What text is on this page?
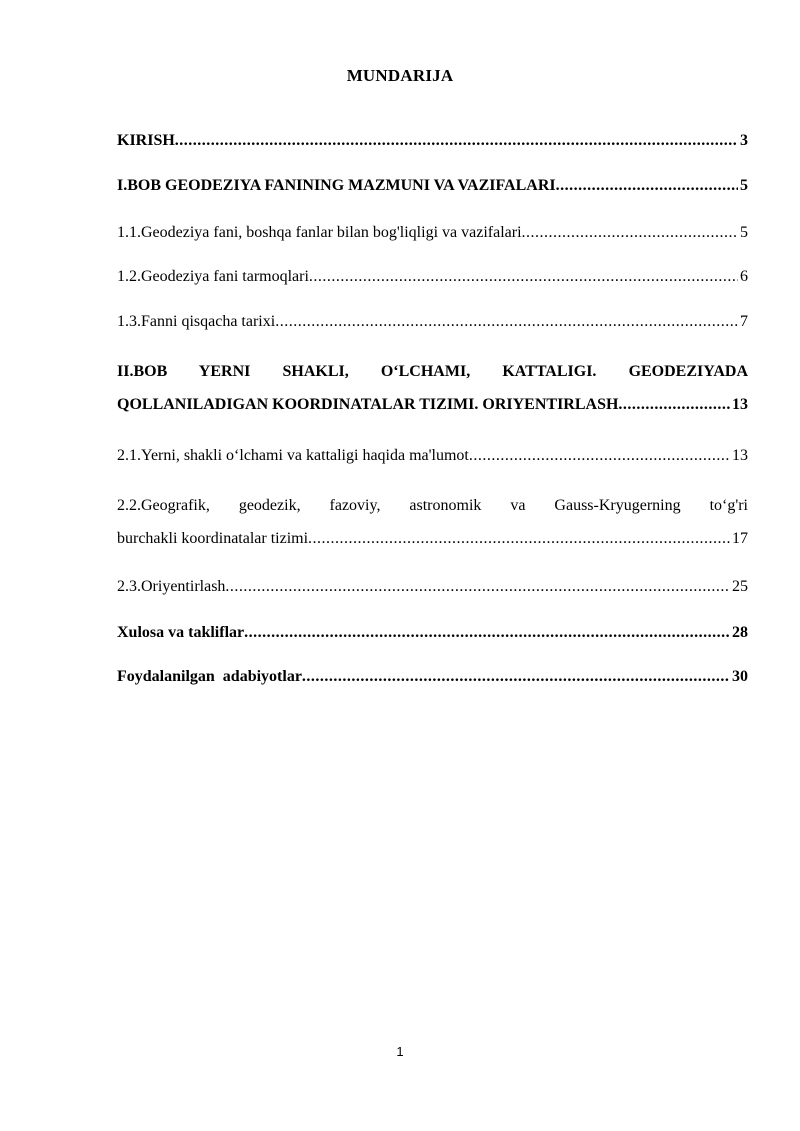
MUNDARIJA
KIRISH .....	3
I.BOB GEODEZIYA FANINING MAZMUNI VA VAZIFALARI .....	5
1.1.Geodeziya fani, boshqa fanlar bilan bog'liqligi va vazifalari .....	5
1.2.Geodeziya fani tarmoqlari .....	6
1.3.Fanni qisqacha tarixi .....	7
II.BOB YERNI SHAKLI, O‘LCHAMI, KATTALIGI. GEODEZIYADA
QOLLANILADIGAN KOORDINATALAR TIZIMI. ORIYENTIRLASH .....	13
2.1.Yerni, shakli o‘lchami va kattaligi haqida ma'lumot .....	13
2.2.Geografik, geodezik, fazoviy, astronomik va Gauss-Kryugerning to‘g'ri
burchakli koordinatalar tizimi .....	17
2.3.Oriyentirlash .....	25
Xulosa va takliflar .....	28
Foydalanilgan  adabiyotlar .....	30
1
